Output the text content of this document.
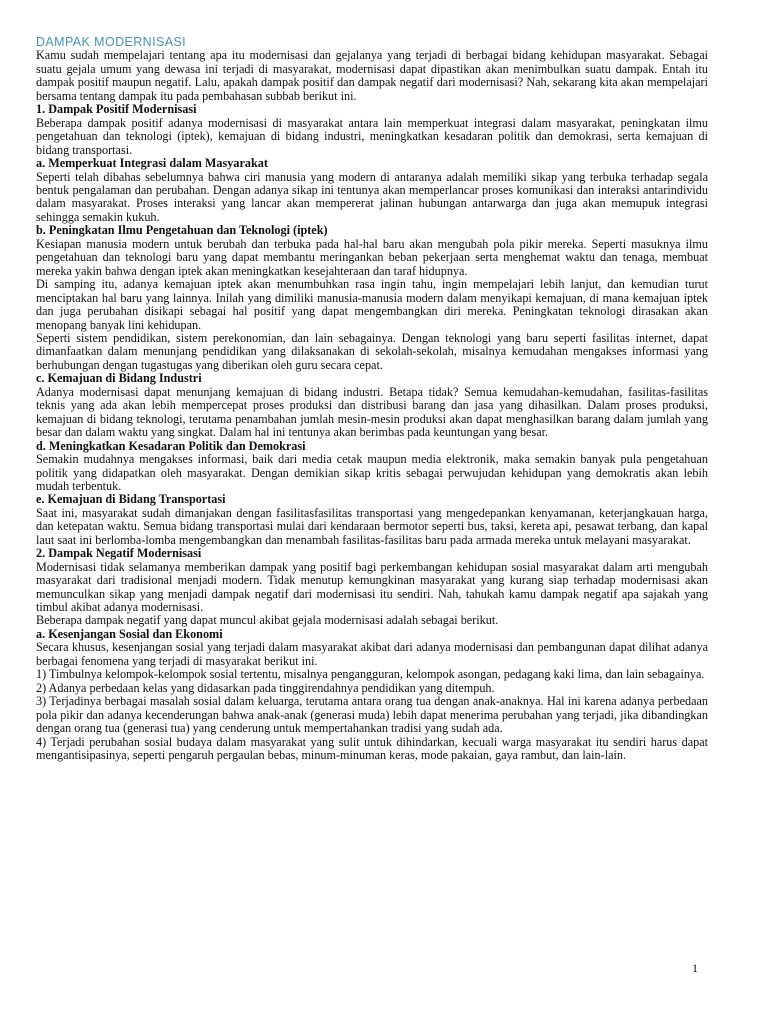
DAMPAK MODERNISASI

Kamu sudah mempelajari tentang apa itu modernisasi dan gejalanya yang terjadi di berbagai bidang kehidupan masyarakat. Sebagai suatu gejala umum yang dewasa ini terjadi di masyarakat, modernisasi dapat dipastikan akan menimbulkan suatu dampak. Entah itu dampak positif maupun negatif. Lalu, apakah dampak positif dan dampak negatif dari modernisasi? Nah, sekarang kita akan mempelajari bersama tentang dampak itu pada pembahasan subbab berikut ini.

1. Dampak Positif Modernisasi

Beberapa dampak positif adanya modernisasi di masyarakat antara lain memperkuat integrasi dalam masyarakat, peningkatan ilmu pengetahuan dan teknologi (iptek), kemajuan di bidang industri, meningkatkan kesadaran politik dan demokrasi, serta kemajuan di bidang transportasi.

a. Memperkuat Integrasi dalam Masyarakat

Seperti telah dibahas sebelumnya bahwa ciri manusia yang modern di antaranya adalah memiliki sikap yang terbuka terhadap segala bentuk pengalaman dan perubahan. Dengan adanya sikap ini tentunya akan memperlancar proses komunikasi dan interaksi antarindividu dalam masyarakat. Proses interaksi yang lancar akan mempererat jalinan hubungan antarwarga dan juga akan memupuk integrasi sehingga semakin kukuh.

b. Peningkatan Ilmu Pengetahuan dan Teknologi (iptek)

Kesiapan manusia modern untuk berubah dan terbuka pada hal-hal baru akan mengubah pola pikir mereka. Seperti masuknya ilmu pengetahuan dan teknologi baru yang dapat membantu meringankan beban pekerjaan serta menghemat waktu dan tenaga, membuat mereka yakin bahwa dengan iptek akan meningkatkan kesejahteraan dan taraf hidupnya.

Di samping itu, adanya kemajuan iptek akan menumbuhkan rasa ingin tahu, ingin mempelajari lebih lanjut, dan kemudian turut menciptakan hal baru yang lainnya. Inilah yang dimiliki manusia-manusia modern dalam menyikapi kemajuan, di mana kemajuan iptek dan juga perubahan disikapi sebagai hal positif yang dapat mengembangkan diri mereka. Peningkatan teknologi dirasakan akan menopang banyak lini kehidupan.

Seperti sistem pendidikan, sistem perekonomian, dan lain sebagainya. Dengan teknologi yang baru seperti fasilitas internet, dapat dimanfaatkan dalam menunjang pendidikan yang dilaksanakan di sekolah-sekolah, misalnya kemudahan mengakses informasi yang berhubungan dengan tugastugas yang diberikan oleh guru secara cepat.

c. Kemajuan di Bidang Industri

Adanya modernisasi dapat menunjang kemajuan di bidang industri. Betapa tidak? Semua kemudahan-kemudahan, fasilitas-fasilitas teknis yang ada akan lebih mempercepat proses produksi dan distribusi barang dan jasa yang dihasilkan. Dalam proses produksi, kemajuan di bidang teknologi, terutama penambahan jumlah mesin-mesin produksi akan dapat menghasilkan barang dalam jumlah yang besar dan dalam waktu yang singkat. Dalam hal ini tentunya akan berimbas pada keuntungan yang besar.

d. Meningkatkan Kesadaran Politik dan Demokrasi

Semakin mudahnya mengakses informasi, baik dari media cetak maupun media elektronik, maka semakin banyak pula pengetahuan politik yang didapatkan oleh masyarakat. Dengan demikian sikap kritis sebagai perwujudan kehidupan yang demokratis akan lebih mudah terbentuk.

e. Kemajuan di Bidang Transportasi

Saat ini, masyarakat sudah dimanjakan dengan fasilitasfasilitas transportasi yang mengedepankan kenyamanan, keterjangkauan harga, dan ketepatan waktu. Semua bidang transportasi mulai dari kendaraan bermotor seperti bus, taksi, kereta api, pesawat terbang, dan kapal laut saat ini berlomba-lomba mengembangkan dan menambah fasilitas-fasilitas baru pada armada mereka untuk melayani masyarakat.

2. Dampak Negatif Modernisasi

Modernisasi tidak selamanya memberikan dampak yang positif bagi perkembangan kehidupan sosial masyarakat dalam arti mengubah masyarakat dari tradisional menjadi modern. Tidak menutup kemungkinan masyarakat yang kurang siap terhadap modernisasi akan memunculkan sikap yang menjadi dampak negatif dari modernisasi itu sendiri. Nah, tahukah kamu dampak negatif apa sajakah yang timbul akibat adanya modernisasi.

Beberapa dampak negatif yang dapat muncul akibat gejala modernisasi adalah sebagai berikut.

a. Kesenjangan Sosial dan Ekonomi

Secara khusus, kesenjangan sosial yang terjadi dalam masyarakat akibat dari adanya modernisasi dan pembangunan dapat dilihat adanya berbagai fenomena yang terjadi di masyarakat berikut ini.

1) Timbulnya kelompok-kelompok sosial tertentu, misalnya pengangguran, kelompok asongan, pedagang kaki lima, dan lain sebagainya.

2) Adanya perbedaan kelas yang didasarkan pada tinggirendahnya pendidikan yang ditempuh.

3) Terjadinya berbagai masalah sosial dalam keluarga, terutama antara orang tua dengan anak-anaknya. Hal ini karena adanya perbedaan pola pikir dan adanya kecenderungan bahwa anak-anak (generasi muda) lebih dapat menerima perubahan yang terjadi, jika dibandingkan dengan orang tua (generasi tua) yang cenderung untuk mempertahankan tradisi yang sudah ada.

4) Terjadi perubahan sosial budaya dalam masyarakat yang sulit untuk dihindarkan, kecuali warga masyarakat itu sendiri harus dapat mengantisipasinya, seperti pengaruh pergaulan bebas, minum-minuman keras, mode pakaian, gaya rambut, dan lain-lain.

1
